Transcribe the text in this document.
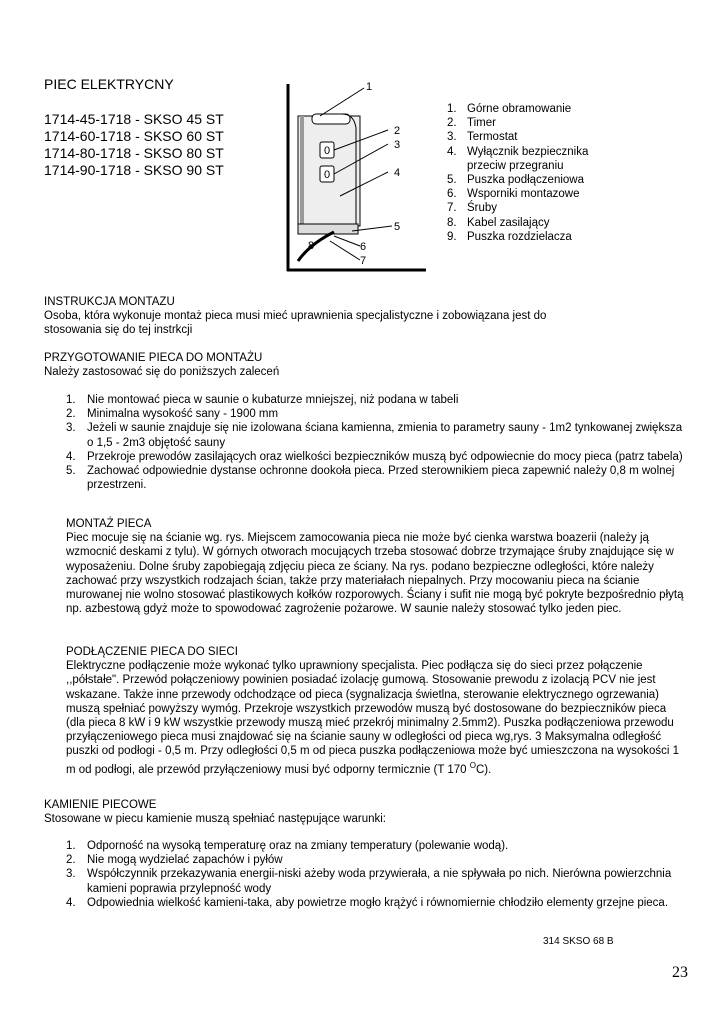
PIEC ELEKTRYCNY
1714-45-1718 - SKSO 45 ST
1714-60-1718 - SKSO 60 ST
1714-80-1718 - SKSO 80 ST
1714-90-1718 - SKSO 90 ST
0
0
1
2
3
4
5
6
7
8
1. Górne obramowanie
2. Timer
3. Termostat
4. Wyłącznik bezpiecznika przeciw przegraniu
5. Puszka podłączeniowa
6. Wsporniki montazowe
7. Śruby
8. Kabel zasilający
9. Puszka rozdzielacza
INSTRUKCJA MONTAZU
Osoba, która wykonuje montaż pieca musi mieć uprawnienia specjalistyczne i zobowiązana jest do stosowania się do tej instrkcji
PRZYGOTOWANIE PIECA DO MONTAŻU
Należy zastosować się do poniższych zaleceń
1. Nie montować pieca w saunie o kubaturze mniejszej, niż podana w tabeli
2. Minimalna wysokość sany - 1900 mm
3. Jeżeli w saunie znajduje się nie izolowana ściana kamienna, zmienia to parametry sauny - 1m2 tynkowanej zwiększa o 1,5 - 2m3 objętość sauny
4. Przekroje prewodów zasilających oraz wielkości bezpieczników muszą być odpowiecnie do mocy pieca (patrz tabela)
5. Zachować odpowiednie dystanse ochronne dookoła pieca. Przed sterownikiem pieca zapewnić należy 0,8 m wolnej przestrzeni.
MONTAŻ PIECA
Piec mocuje się na ścianie wg. rys. Miejscem zamocowania pieca nie może być cienka warstwa boazerii (należy ją wzmocnić deskami z tylu). W górnych otworach mocujących trzeba stosować dobrze trzymające śruby znajdujące się w wyposażeniu. Dolne śruby zapobiegają zdjęciu pieca ze ściany. Na rys. podano bezpieczne odległości, które należy zachować przy wszystkich rodzajach ścian, także przy materiałach niepalnych. Przy mocowaniu pieca na ścianie murowanej nie wolno stosować plastikowych kołków rozporowych. Ściany i sufit nie mogą być pokryte bezpośrednio płytą np. azbestową gdyż może to spowodować zagrożenie pożarowe. W saunie należy stosować tylko jeden piec.
PODŁĄCZENIE PIECA DO SIECI
Elektryczne podłączenie może wykonać tylko uprawniony specjalista. Piec podłącza się do sieci przez połączenie ,,półstałe". Przewód połączeniowy powinien posiadać izolację gumową. Stosowanie prewodu z izolacją PCV nie jest wskazane. Także inne przewody odchodzące od pieca (sygnalizacja świetlna, sterowanie elektrycznego ogrzewania) muszą spełniać powyższy wymóg. Przekroje wszystkich przewodów muszą być dostosowane do bezpieczników pieca (dla pieca 8 kW i 9 kW wszystkie przewody muszą mieć przekrój minimalny 2.5mm2). Puszka podłączeniowa przewodu przyłączeniowego pieca musi znajdować się na ścianie sauny w odległości od pieca wg,rys. 3 Maksymalna odległość puszki od podłogi - 0,5 m. Przy odległości 0,5 m od pieca puszka podłączeniowa może być umieszczona na wysokości 1 m od podłogi, ale przewód przyłączeniowy musi być odporny termicznie (T 170 $^O$C).
KAMIENIE PIECOWE
Stosowane w piecu kamienie muszą spełniać następujące warunki:
1. Odporność na wysoką temperaturę oraz na zmiany temperatury (polewanie wodą).
2. Nie mogą wydzielać zapachów i pyłów
3. Współczynnik przekazywania energii-niski ażeby woda przywierała, a nie spływała po nich. Nierówna powierzchnia kamieni poprawia przylepność wody
4. Odpowiednia wielkość kamieni-taka, aby powietrze mogło krążyć i równomiernie chłodziło elementy grzejne pieca.
314 SKSO 68 B
23
